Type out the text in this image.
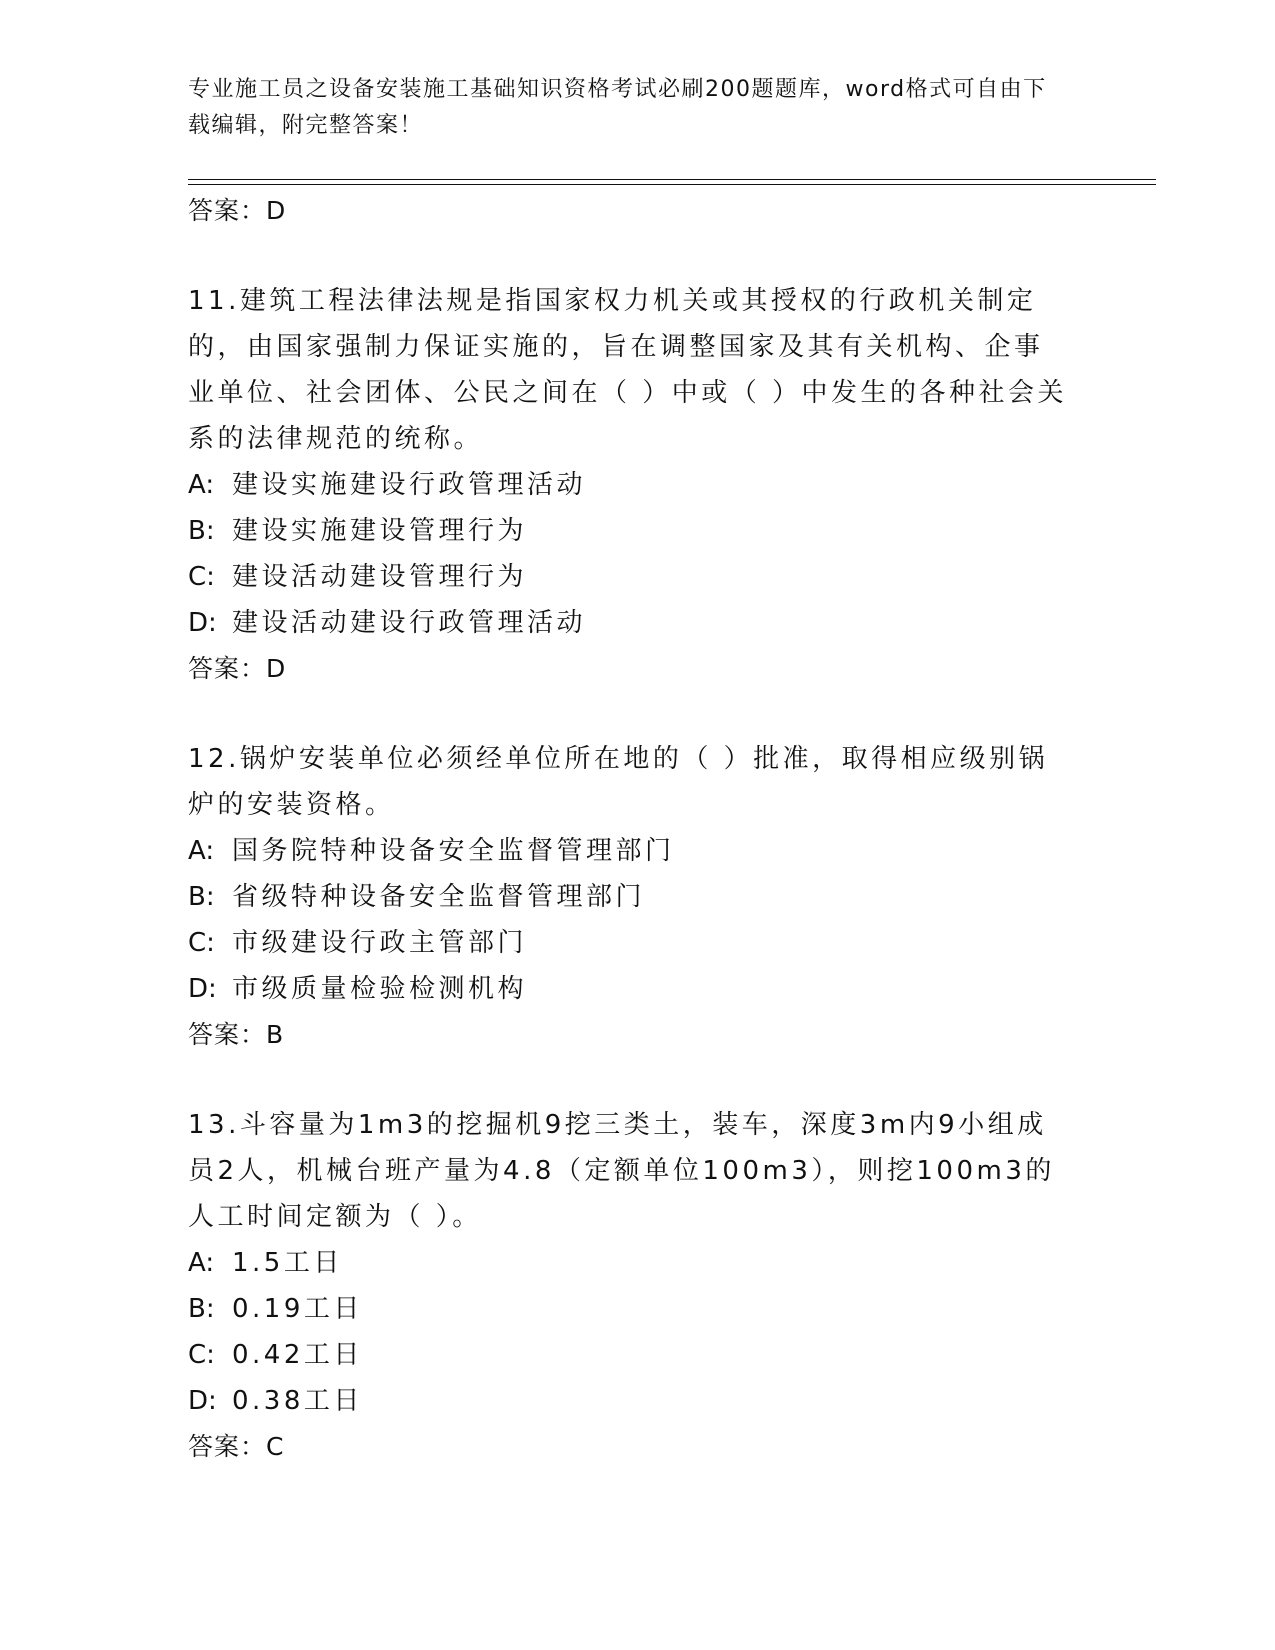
专业施工员之设备安装施工基础知识资格考试必刷200题题库，word格式可自由下载编辑，附完整答案！
答案：D
11.建筑工程法律法规是指国家权力机关或其授权的行政机关制定的，由国家强制力保证实施的，旨在调整国家及其有关机构、企事业单位、社会团体、公民之间在（ ）中或（ ）中发生的各种社会关系的法律规范的统称。
A: 建设实施建设行政管理活动
B: 建设实施建设管理行为
C: 建设活动建设管理行为
D: 建设活动建设行政管理活动
答案：D
12.锅炉安装单位必须经单位所在地的（ ）批准，取得相应级别锅炉的安装资格。
A: 国务院特种设备安全监督管理部门
B: 省级特种设备安全监督管理部门
C: 市级建设行政主管部门
D: 市级质量检验检测机构
答案：B
13.斗容量为1m3的挖掘机9挖三类土，装车，深度3m内9小组成员2人，机械台班产量为4.8（定额单位100m3），则挖100m3的人工时间定额为（ ）。
A: 1.5工日
B: 0.19工日
C: 0.42工日
D: 0.38工日
答案：C
